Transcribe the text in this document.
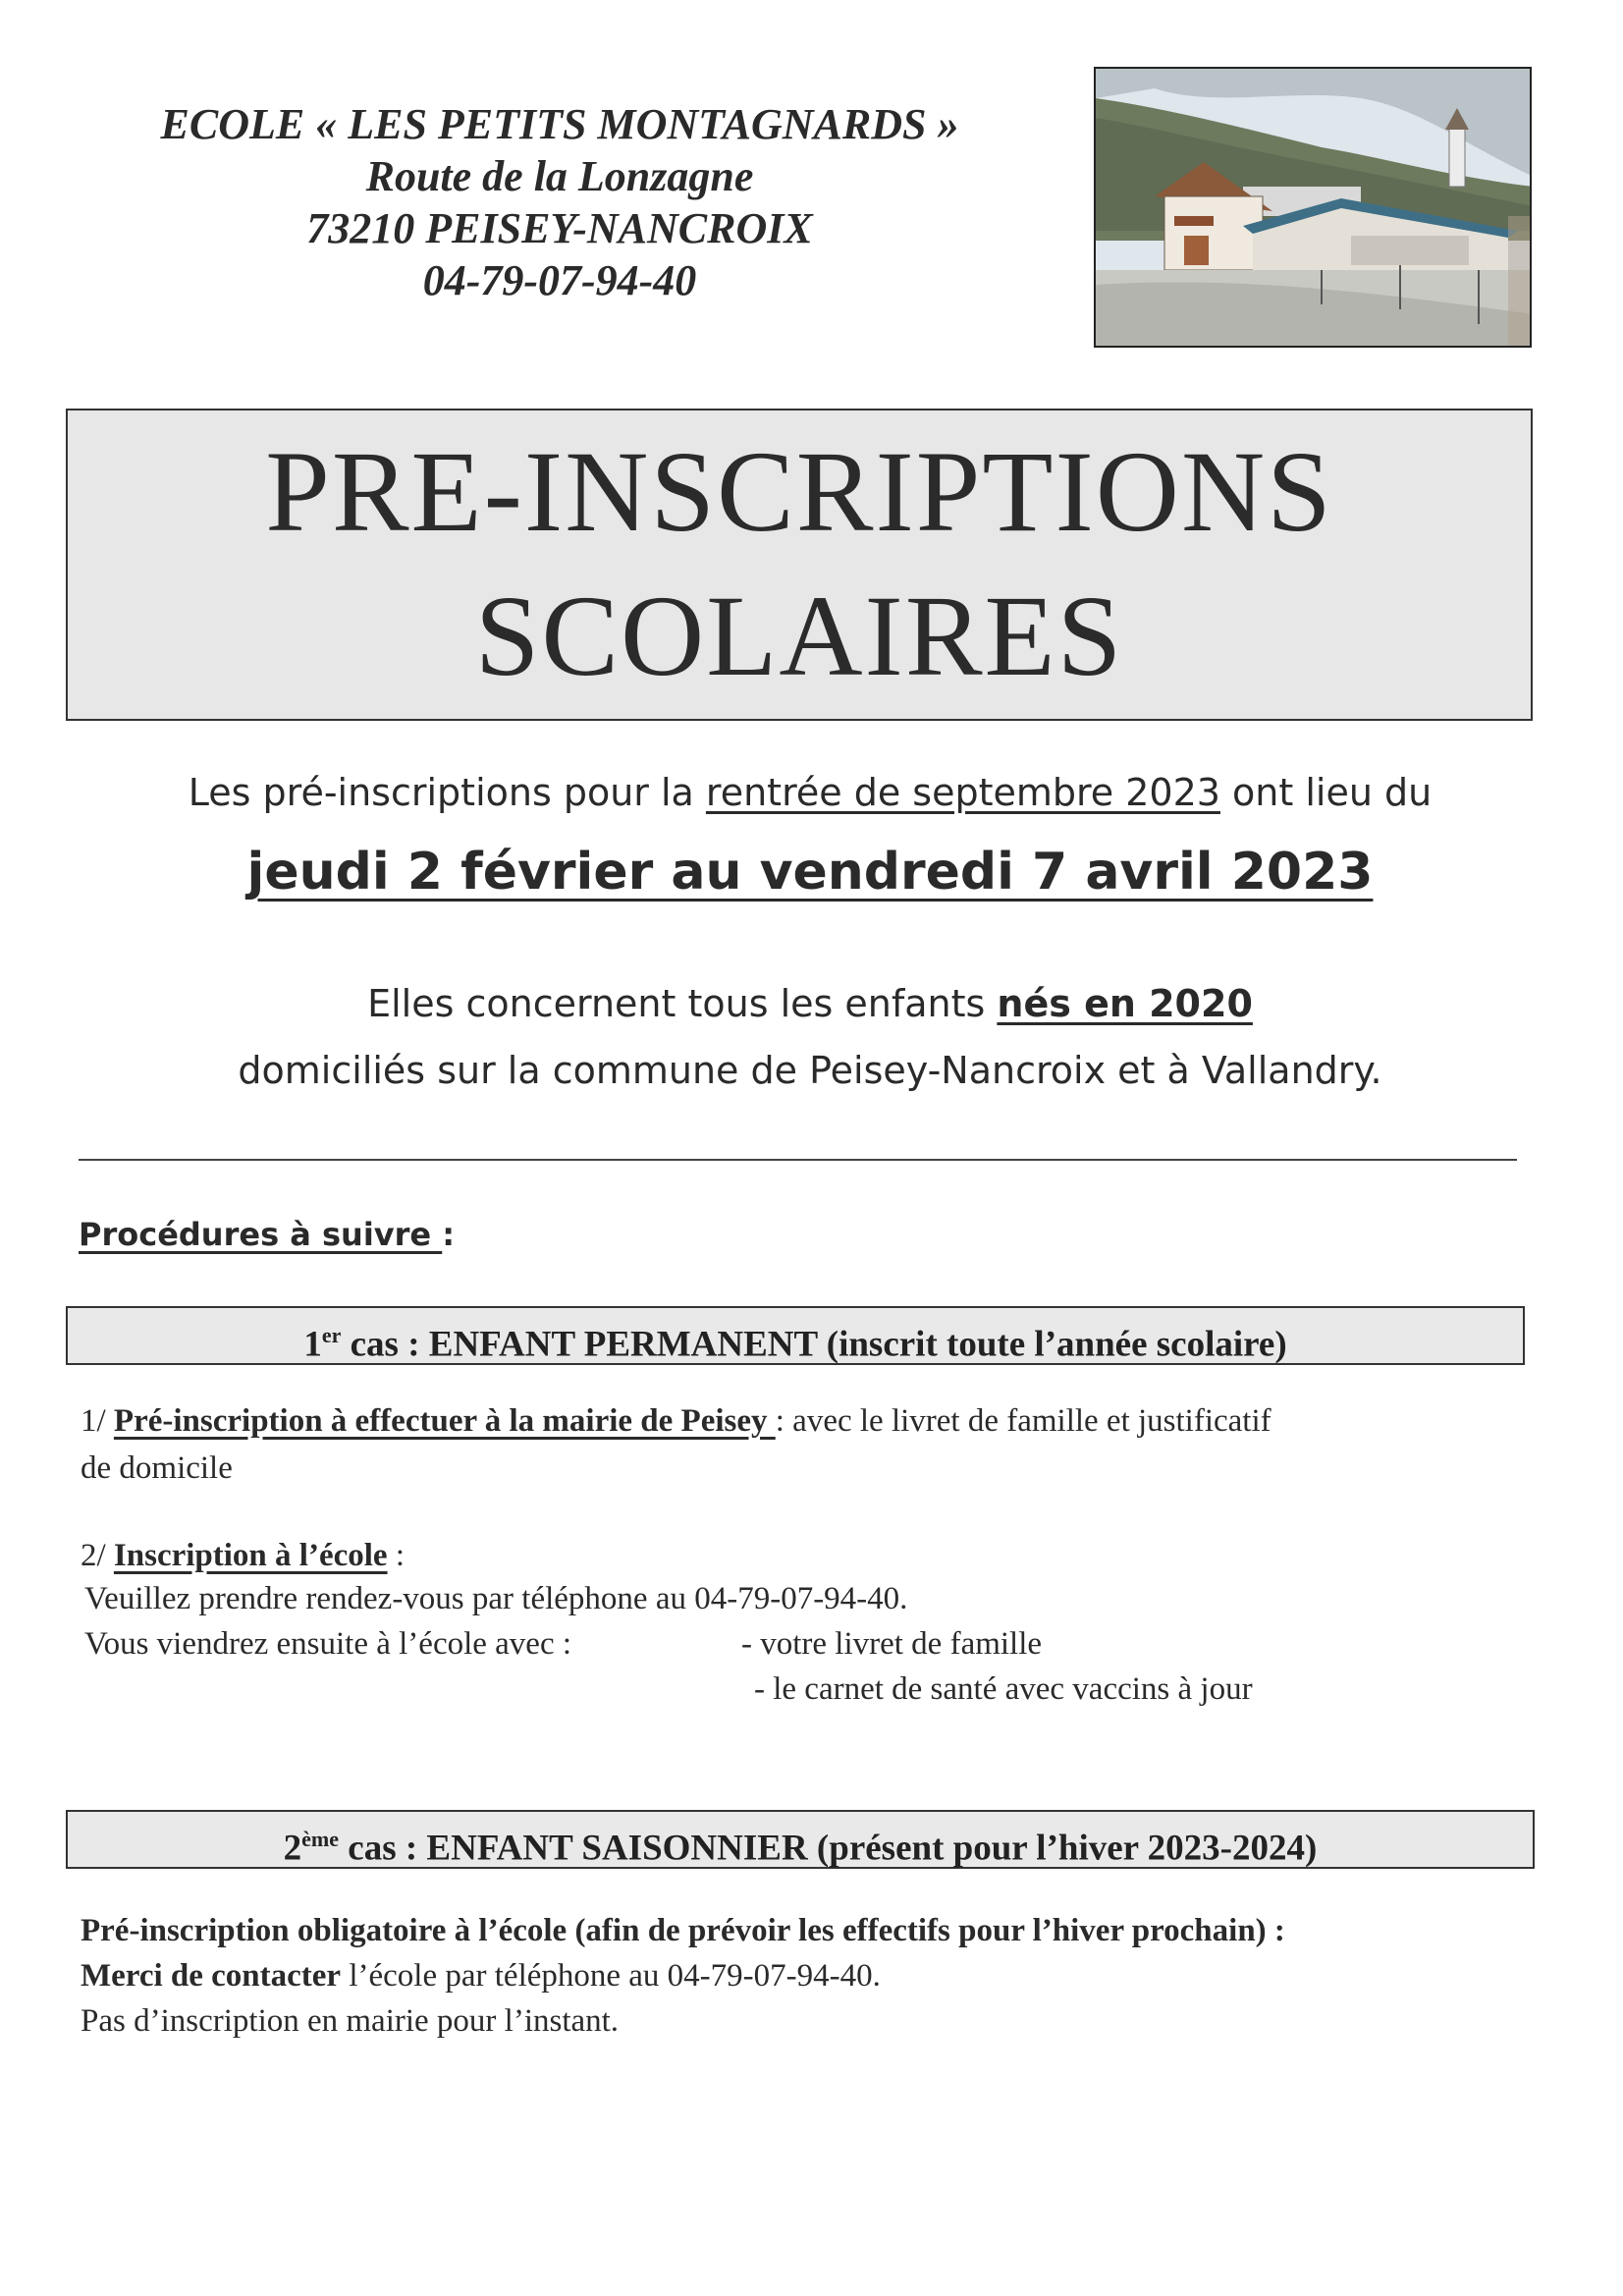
ECOLE « LES PETITS MONTAGNARDS »
Route de la Lonzagne
73210 PEISEY-NANCROIX
04-79-07-94-40
PRE-INSCRIPTIONS
SCOLAIRES
Les pré-inscriptions pour la rentrée de septembre 2023 ont lieu du
jeudi 2 février au vendredi 7 avril 2023
Elles concernent tous les enfants nés en 2020
domiciliés sur la commune de Peisey-Nancroix et à Vallandry.
Procédures à suivre :
1er cas : ENFANT PERMANENT (inscrit toute l’année scolaire)
1/ Pré-inscription à effectuer à la mairie de Peisey : avec le livret de famille et justificatif
de domicile
2/ Inscription à l’école :
Veuillez prendre rendez-vous par téléphone au 04-79-07-94-40.
Vous viendrez ensuite à l’école avec :	- votre livret de famille
- le carnet de santé avec vaccins à jour
2ème cas : ENFANT SAISONNIER (présent pour l’hiver 2023-2024)
Pré-inscription obligatoire à l’école (afin de prévoir les effectifs pour l’hiver prochain) :
Merci de contacter l’école par téléphone au 04-79-07-94-40.
Pas d’inscription en mairie pour l’instant.
